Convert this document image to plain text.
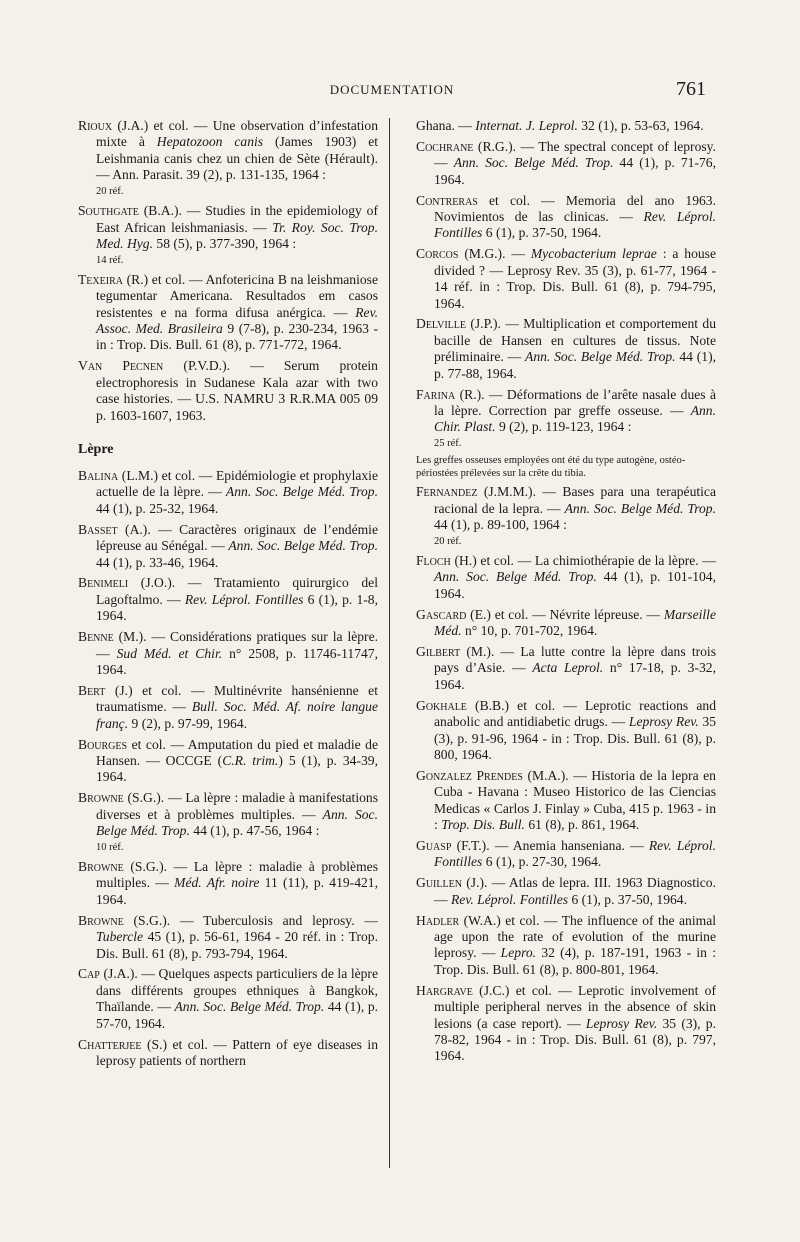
DOCUMENTATION	761

Rioux (J.A.) et col. — Une observation d’infestation mixte à Hepatozoon canis (James 1903) et Leishmania canis chez un chien de Sète (Hérault). — Ann. Parasit. 39 (2), p. 131-135, 1964 :

20 réf.

Southgate (B.A.). — Studies in the epidemiology of East African leishmaniasis. — Tr. Roy. Soc. Trop. Med. Hyg. 58 (5), p. 377-390, 1964 :

14 réf.

Texeira (R.) et col. — Anfotericina B na leishmaniose tegumentar Americana. Resultados em casos resistentes e na forma difusa anérgica. — Rev. Assoc. Med. Brasileira 9 (7-8), p. 230-234, 1963 - in : Trop. Dis. Bull. 61 (8), p. 771-772, 1964.

Van Pecnen (P.V.D.). — Serum protein electrophoresis in Sudanese Kala azar with two case histories. — U.S. NAMRU 3 R.R.MA 005 09 p. 1603-1607, 1963.

Lèpre

Balina (L.M.) et col. — Epidémiologie et prophylaxie actuelle de la lèpre. — Ann. Soc. Belge Méd. Trop. 44 (1), p. 25-32, 1964.

Basset (A.). — Caractères originaux de l’endémie lépreuse au Sénégal. — Ann. Soc. Belge Méd. Trop. 44 (1), p. 33-46, 1964.

Benimeli (J.O.). — Tratamiento quirurgico del Lagoftalmo. — Rev. Léprol. Fontilles 6 (1), p. 1-8, 1964.

Benne (M.). — Considérations pratiques sur la lèpre. — Sud Méd. et Chir. n° 2508, p. 11746-11747, 1964.

Bert (J.) et col. — Multinévrite hansénienne et traumatisme. — Bull. Soc. Méd. Af. noire langue franç. 9 (2), p. 97-99, 1964.

Bourges et col. — Amputation du pied et maladie de Hansen. — OCCGE (C.R. trim.) 5 (1), p. 34-39, 1964.

Browne (S.G.). — La lèpre : maladie à manifestations diverses et à problèmes multiples. — Ann. Soc. Belge Méd. Trop. 44 (1), p. 47-56, 1964 :

10 réf.

Browne (S.G.). — La lèpre : maladie à problèmes multiples. — Méd. Afr. noire 11 (11), p. 419-421, 1964.

Browne (S.G.). — Tuberculosis and leprosy. — Tubercle 45 (1), p. 56-61, 1964 - 20 réf. in : Trop. Dis. Bull. 61 (8), p. 793-794, 1964.

Cap (J.A.). — Quelques aspects particuliers de la lèpre dans différents groupes ethniques à Bangkok, Thaïlande. — Ann. Soc. Belge Méd. Trop. 44 (1), p. 57-70, 1964.

Chatterjee (S.) et col. — Pattern of eye diseases in leprosy patients of northern

Ghana. — Internat. J. Leprol. 32 (1), p. 53-63, 1964.

Cochrane (R.G.). — The spectral concept of leprosy. — Ann. Soc. Belge Méd. Trop. 44 (1), p. 71-76, 1964.

Contreras et col. — Memoria del ano 1963. Novimientos de las clinicas. — Rev. Léprol. Fontilles 6 (1), p. 37-50, 1964.

Corcos (M.G.). — Mycobacterium leprae : a house divided ? — Leprosy Rev. 35 (3), p. 61-77, 1964 - 14 réf. in : Trop. Dis. Bull. 61 (8), p. 794-795, 1964.

Delville (J.P.). — Multiplication et comportement du bacille de Hansen en cultures de tissus. Note préliminaire. — Ann. Soc. Belge Méd. Trop. 44 (1), p. 77-88, 1964.

Farina (R.). — Déformations de l’arête nasale dues à la lèpre. Correction par greffe osseuse. — Ann. Chir. Plast. 9 (2), p. 119-123, 1964 :

25 réf.
Les greffes osseuses employées ont été du type autogène, ostéo-périostées prélevées sur la crête du tibia.

Fernandez (J.M.M.). — Bases para una terapéutica racional de la lepra. — Ann. Soc. Belge Méd. Trop. 44 (1), p. 89-100, 1964 :

20 réf.

Floch (H.) et col. — La chimiothérapie de la lèpre. — Ann. Soc. Belge Méd. Trop. 44 (1), p. 101-104, 1964.

Gascard (E.) et col. — Névrite lépreuse. — Marseille Méd. n° 10, p. 701-702, 1964.

Gilbert (M.). — La lutte contre la lèpre dans trois pays d’Asie. — Acta Leprol. n° 17-18, p. 3-32, 1964.

Gokhale (B.B.) et col. — Leprotic reactions and anabolic and antidiabetic drugs. — Leprosy Rev. 35 (3), p. 91-96, 1964 - in : Trop. Dis. Bull. 61 (8), p. 800, 1964.

Gonzalez Prendes (M.A.). — Historia de la lepra en Cuba - Havana : Museo Historico de las Ciencias Medicas « Carlos J. Finlay » Cuba, 415 p. 1963 - in : Trop. Dis. Bull. 61 (8), p. 861, 1964.

Guasp (F.T.). — Anemia hanseniana. — Rev. Léprol. Fontilles 6 (1), p. 27-30, 1964.

Guillen (J.). — Atlas de lepra. III. 1963 Diagnostico. — Rev. Léprol. Fontilles 6 (1), p. 37-50, 1964.

Hadler (W.A.) et col. — The influence of the animal age upon the rate of evolution of the murine leprosy. — Lepro. 32 (4), p. 187-191, 1963 - in : Trop. Dis. Bull. 61 (8), p. 800-801, 1964.

Hargrave (J.C.) et col. — Leprotic involvement of multiple peripheral nerves in the absence of skin lesions (a case report). — Leprosy Rev. 35 (3), p. 78-82, 1964 - in : Trop. Dis. Bull. 61 (8), p. 797, 1964.
